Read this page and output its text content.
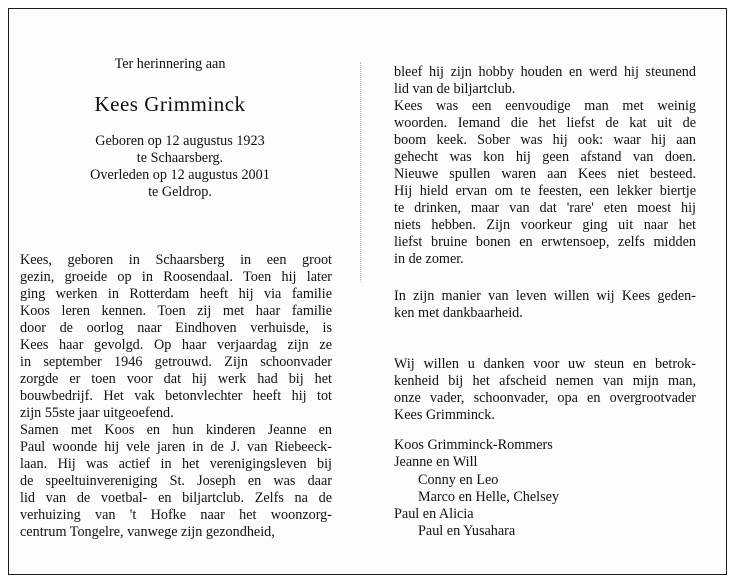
Ter herinnering aan
Kees Grimminck
Geboren op 12 augustus 1923
te Schaarsberg.
Overleden op 12 augustus 2001
te Geldrop.
Kees, geboren in Schaarsberg in een groot
gezin, groeide op in Roosendaal. Toen hij later
ging werken in Rotterdam heeft hij via familie
Koos leren kennen. Toen zij met haar familie
door de oorlog naar Eindhoven verhuisde, is
Kees haar gevolgd. Op haar verjaardag zijn ze
in september 1946 getrouwd. Zijn schoonvader
zorgde er toen voor dat hij werk had bij het
bouwbedrijf. Het vak betonvlechter heeft hij tot
zijn 55ste jaar uitgeoefend.
Samen met Koos en hun kinderen Jeanne en
Paul woonde hij vele jaren in de J. van Riebeeck-
laan. Hij was actief in het verenigingsleven bij
de speeltuinvereniging St. Joseph en was daar
lid van de voetbal- en biljartclub. Zelfs na de
verhuizing van 't Hofke naar het woonzorg-
centrum Tongelre, vanwege zijn gezondheid,
bleef hij zijn hobby houden en werd hij steunend
lid van de biljartclub.
Kees was een eenvoudige man met weinig
woorden. Iemand die het liefst de kat uit de
boom keek. Sober was hij ook: waar hij aan
gehecht was kon hij geen afstand van doen.
Nieuwe spullen waren aan Kees niet besteed.
Hij hield ervan om te feesten, een lekker biertje
te drinken, maar van dat 'rare' eten moest hij
niets hebben. Zijn voorkeur ging uit naar het
liefst bruine bonen en erwtensoep, zelfs midden
in de zomer.
In zijn manier van leven willen wij Kees geden-
ken met dankbaarheid.
Wij willen u danken voor uw steun en betrok-
kenheid bij het afscheid nemen van mijn man,
onze vader, schoonvader, opa en overgrootvader
Kees Grimminck.
Koos Grimminck-Rommers
Jeanne en Will
Conny en Leo
Marco en Helle, Chelsey
Paul en Alicia
Paul en Yusahara
